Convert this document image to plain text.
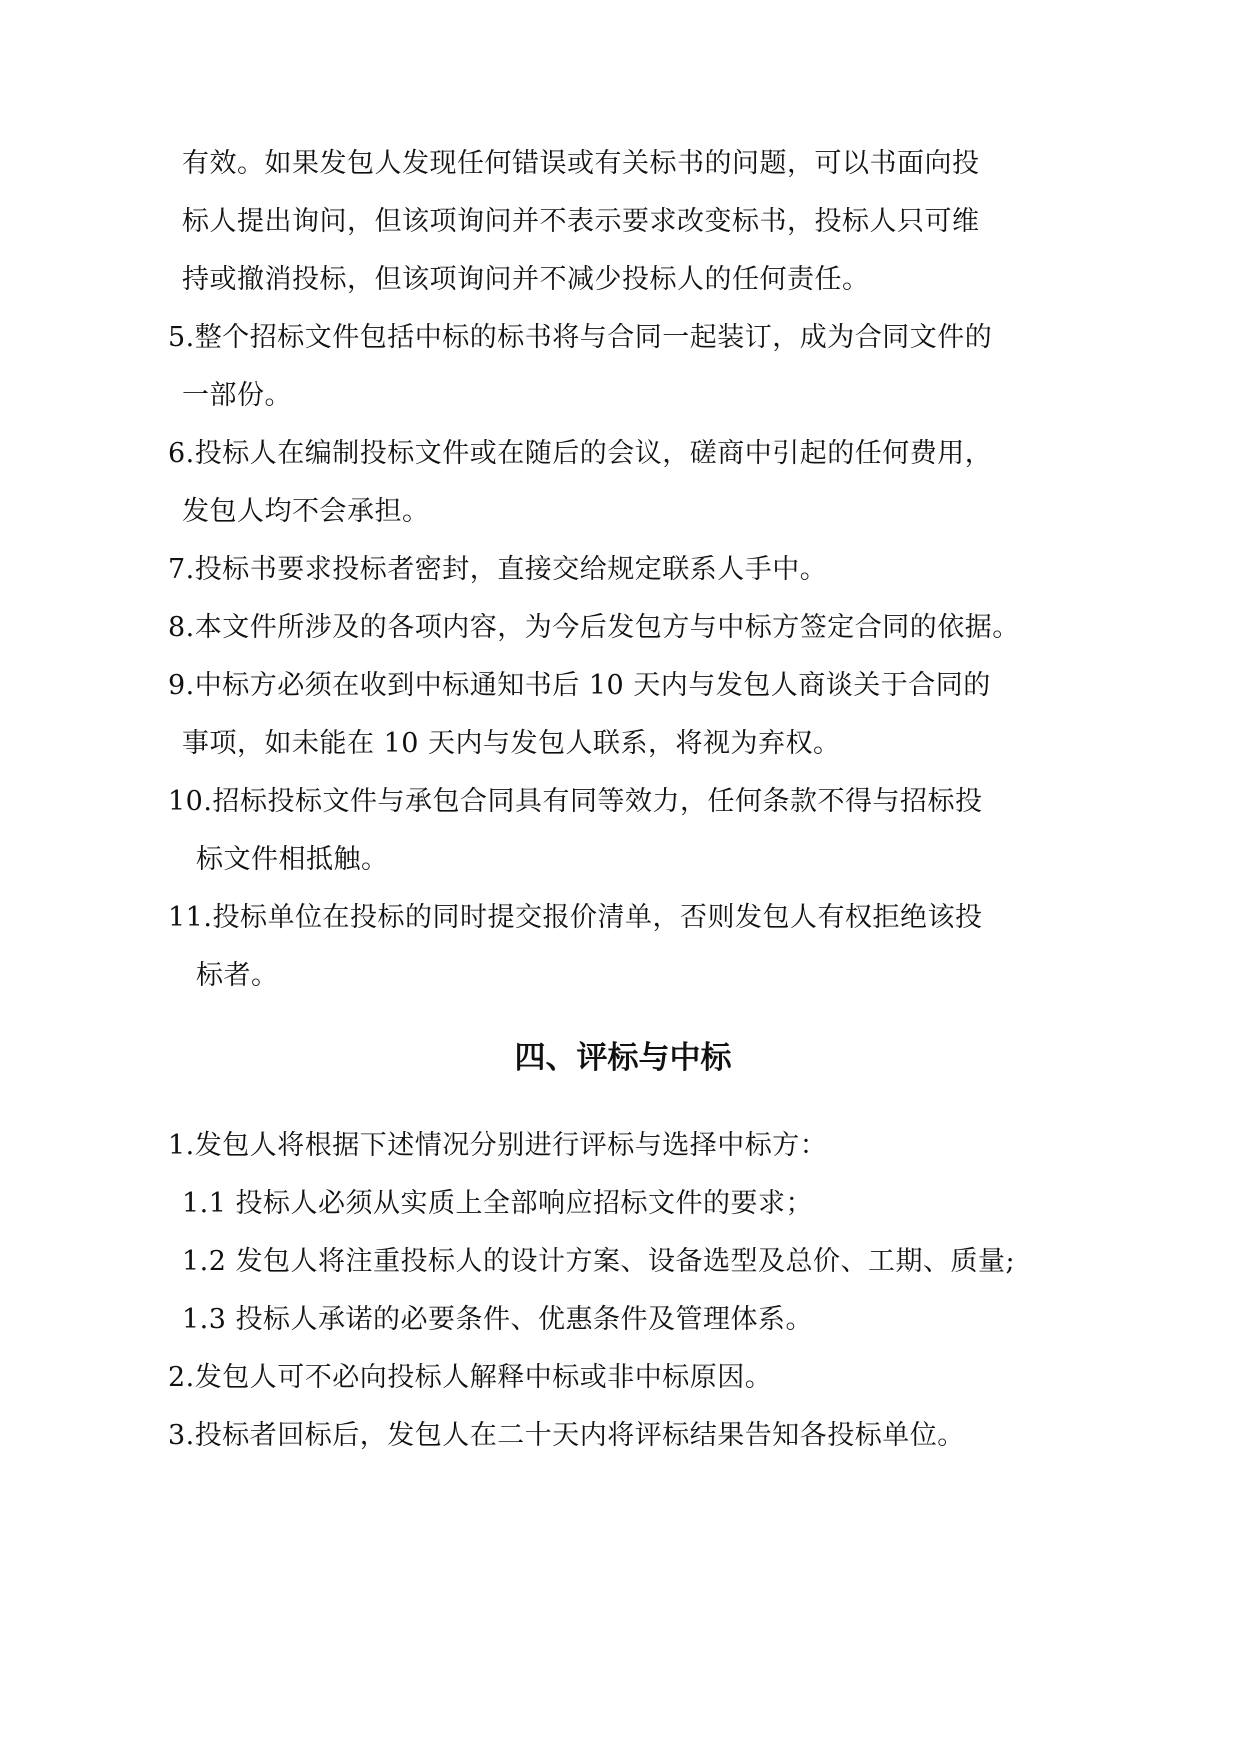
有效。如果发包人发现任何错误或有关标书的问题，可以书面向投
标人提出询问，但该项询问并不表示要求改变标书，投标人只可维
持或撤消投标，但该项询问并不减少投标人的任何责任。
5.整个招标文件包括中标的标书将与合同一起装订，成为合同文件的
一部份。
6.投标人在编制投标文件或在随后的会议，磋商中引起的任何费用，
发包人均不会承担。
7.投标书要求投标者密封，直接交给规定联系人手中。
8.本文件所涉及的各项内容，为今后发包方与中标方签定合同的依据。
9.中标方必须在收到中标通知书后 10 天内与发包人商谈关于合同的
事项，如未能在 10 天内与发包人联系，将视为弃权。
10.招标投标文件与承包合同具有同等效力，任何条款不得与招标投
标文件相抵触。
11.投标单位在投标的同时提交报价清单，否则发包人有权拒绝该投
标者。
四、评标与中标
1.发包人将根据下述情况分别进行评标与选择中标方：
1.1 投标人必须从实质上全部响应招标文件的要求；
1.2 发包人将注重投标人的设计方案、设备选型及总价、工期、质量;
1.3 投标人承诺的必要条件、优惠条件及管理体系。
2.发包人可不必向投标人解释中标或非中标原因。
3.投标者回标后，发包人在二十天内将评标结果告知各投标单位。
